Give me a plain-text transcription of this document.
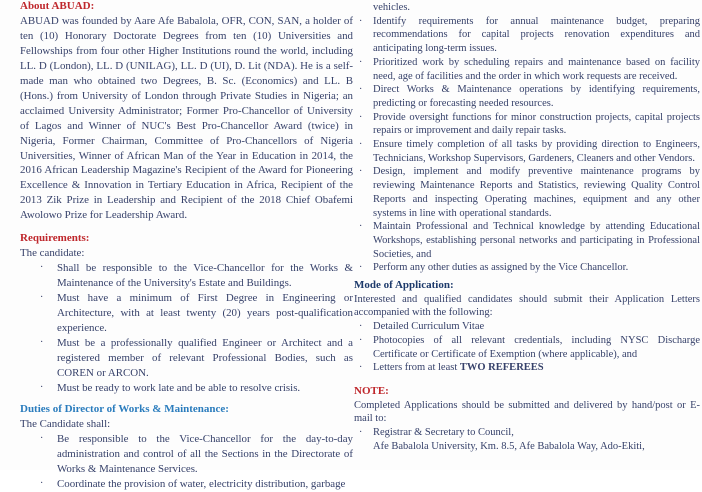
About ABUAD:

ABUAD was founded by Aare Afe Babalola, OFR, CON, SAN, a holder of ten (10) Honorary Doctorate Degrees from ten (10) Universities and Fellowships from four other Higher Institutions round the world, including LL. D (London), LL. D (UNILAG), LL. D (UI), D. Lit (NDA). He is a self-made man who obtained two Degrees, B. Sc. (Economics) and LL. B (Hons.) from University of London through Private Studies in Nigeria; an acclaimed University Administrator; Former Pro-Chancellor of University of Lagos and Winner of NUC's Best Pro-Chancellor Award (twice) in Nigeria, Former Chairman, Committee of Pro-Chancellors of Nigeria Universities, Winner of African Man of the Year in Education in 2014, the 2016 African Leadership Magazine's Recipient of the Award for Pioneering Excellence & Innovation in Tertiary Education in Africa, Recipient of the 2013 Zik Prize in Leadership and Recipient of the 2018 Chief Obafemi Awolowo Prize for Leadership Award.

Requirements:
The candidate:
· Shall be responsible to the Vice-Chancellor for the Works & Maintenance of the University's Estate and Buildings.
· Must have a minimum of First Degree in Engineering or Architecture, with at least twenty (20) years post-qualification experience.
· Must be a professionally qualified Engineer or Architect and a registered member of relevant Professional Bodies, such as COREN or ARCON.
· Must be ready to work late and be able to resolve crisis.
Duties of Director of Works & Maintenance:
The Candidate shall:
· Be responsible to the Vice-Chancellor for the day-to-day administration and control of all the Sections in the Directorate of Works & Maintenance Services.
· Coordinate the provision of water, electricity distribution, garbage
vehicles.
· Identify requirements for annual maintenance budget, preparing recommendations for capital projects renovation expenditures and anticipating long-term issues.
· Prioritized work by scheduling repairs and maintenance based on facility need, age of facilities and the order in which work requests are received.
· Direct Works & Maintenance operations by identifying requirements, predicting or forecasting needed resources.
· Provide oversight functions for minor construction projects, capital projects repairs or improvement and daily repair tasks.
· Ensure timely completion of all tasks by providing direction to Engineers, Technicians, Workshop Supervisors, Gardeners, Cleaners and other Vendors.
· Design, implement and modify preventive maintenance programs by reviewing Maintenance Reports and Statistics, reviewing Quality Control Reports and inspecting Operating machines, equipment and any other systems in line with operational standards.
· Maintain Professional and Technical knowledge by attending Educational Workshops, establishing personal networks and participating in Professional Societies, and
· Perform any other duties as assigned by the Vice Chancellor.
Mode of Application:

Interested and qualified candidates should submit their Application Letters accompanied with the following:

· Detailed Curriculum Vitae
· Photocopies of all relevant credentials, including NYSC Discharge Certificate or Certificate of Exemption (where applicable), and
· Letters from at least TWO REFEREES
NOTE:

Completed Applications should be submitted and delivered by hand/post or E-mail to:

· Registrar & Secretary to Council,
Afe Babalola University, Km. 8.5, Afe Babalola Way, Ado-Ekiti,
